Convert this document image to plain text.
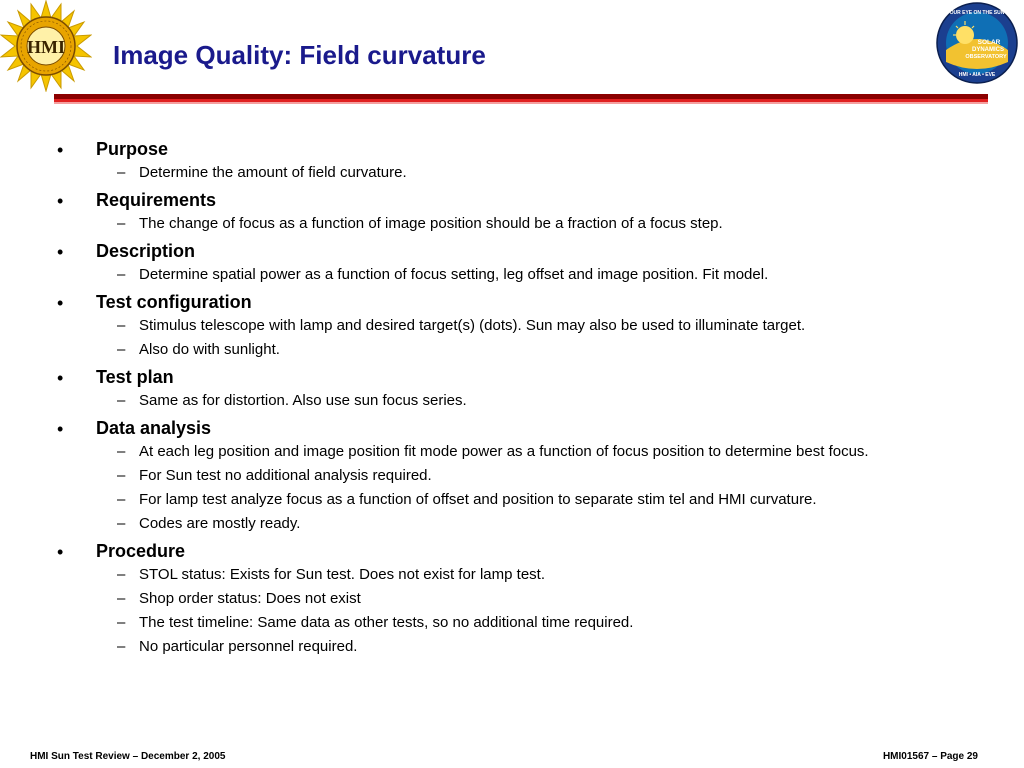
HMI	SOLAR
DYNAMICS
OBSERVATORY
OUR EYE ON THE SUN
HMI • AIA • EVE
Image Quality: Field curvature
•	Purpose
– Determine the amount of field curvature.
•	Requirements
– The change of focus as a function of image position should be a fraction of a focus step.
•	Description
– Determine spatial power as a function of focus setting, leg offset and image position. Fit model.
•	Test configuration
– Stimulus telescope with lamp and desired target(s) (dots). Sun may also be used to illuminate target.
– Also do with sunlight.
•	Test plan
– Same as for distortion. Also use sun focus series.
•	Data analysis
– At each leg position and image position fit mode power as a function of focus position to determine best focus.
– For Sun test no additional analysis required.
– For lamp test analyze focus as a function of offset and position to separate stim tel and HMI curvature.
– Codes are mostly ready.
•	Procedure
– STOL status: Exists for Sun test. Does not exist for lamp test.
– Shop order status: Does not exist
– The test timeline: Same data as other tests, so no additional time required.
– No particular personnel required.
HMI Sun Test Review – December 2, 2005	HMI01567 – Page 29
